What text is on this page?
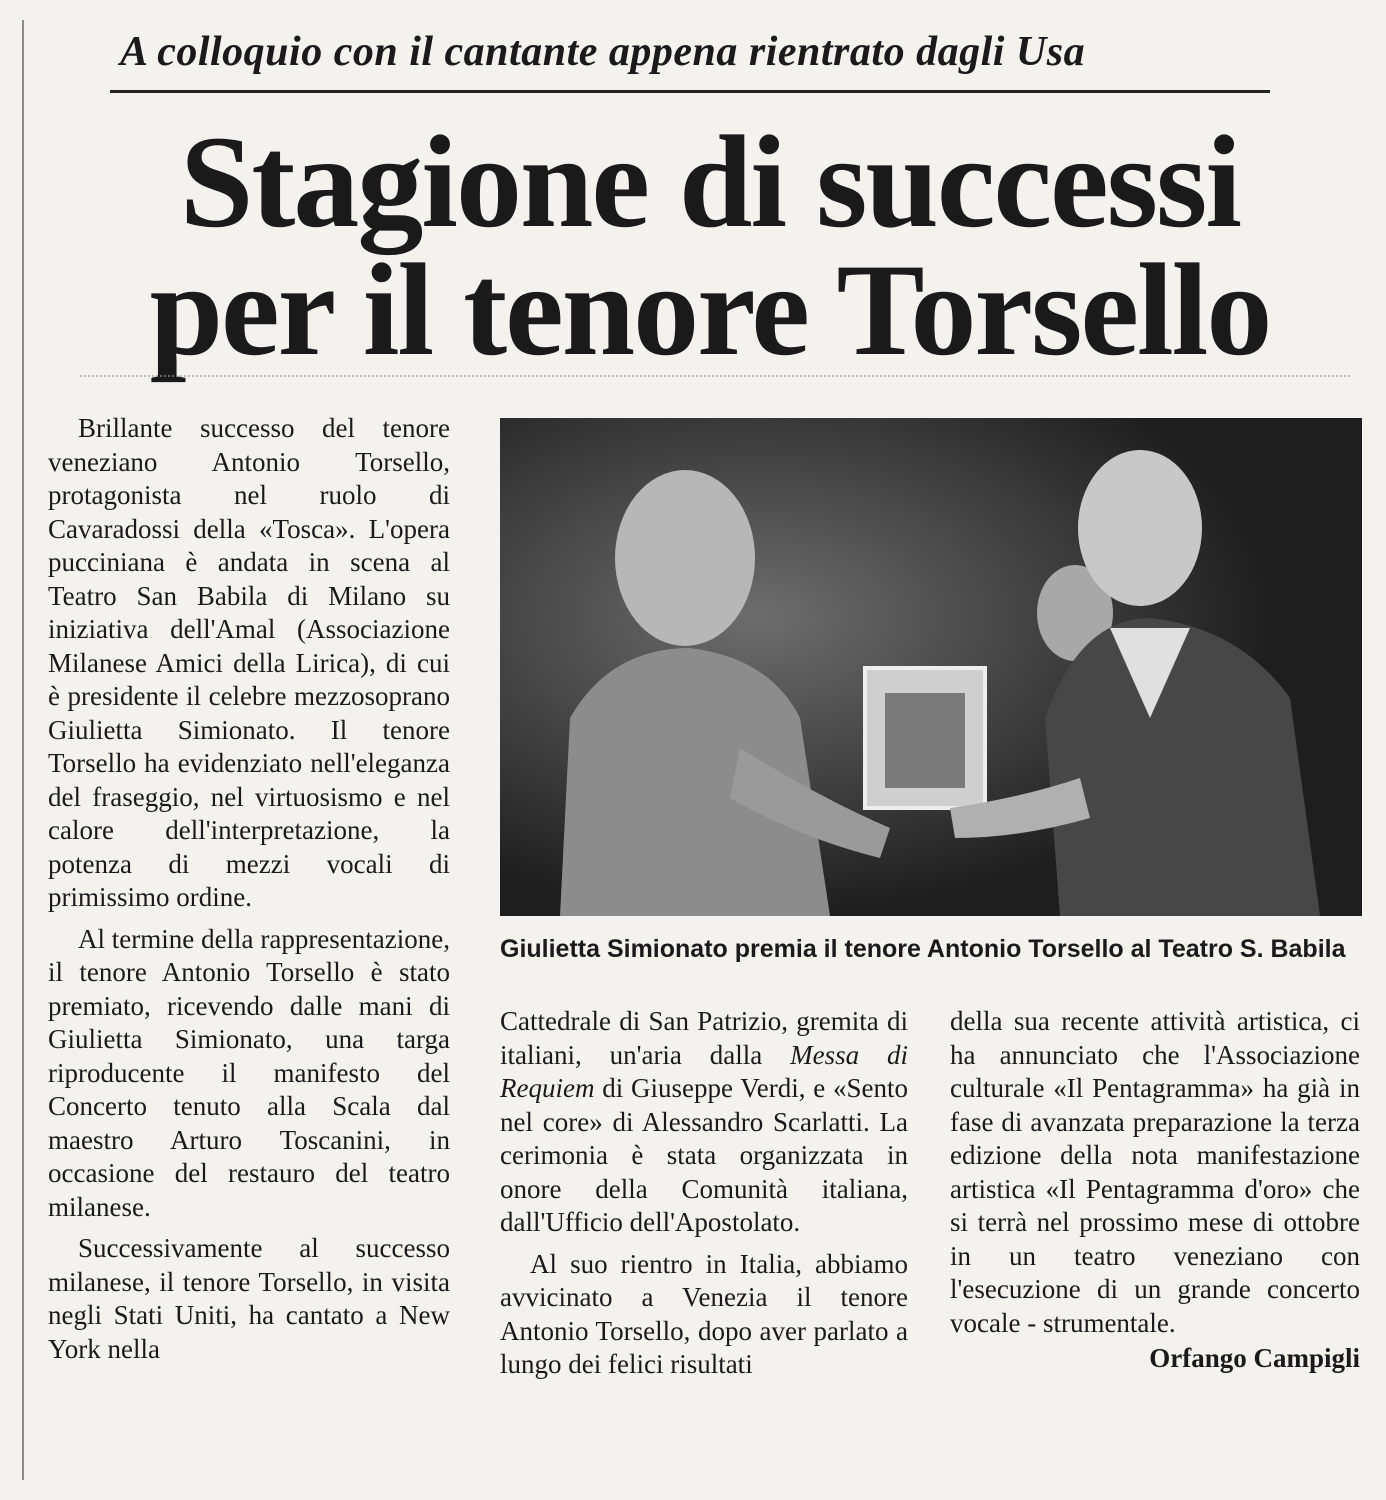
A colloquio con il cantante appena rientrato dagli Usa
Stagione di successi
per il tenore Torsello

Brillante successo del tenore veneziano Antonio Torsello, protagonista nel ruolo di Cavaradossi della «Tosca». L'opera pucciniana è andata in scena al Teatro San Babila di Milano su iniziativa dell'Amal (Associazione Milanese Amici della Lirica), di cui è presidente il celebre mezzosoprano Giulietta Simionato. Il tenore Torsello ha evidenziato nell'eleganza del fraseggio, nel virtuosismo e nel calore dell'interpretazione, la potenza di mezzi vocali di primissimo ordine.

Al termine della rappresentazione, il tenore Antonio Torsello è stato premiato, ricevendo dalle mani di Giulietta Simionato, una targa riproducente il manifesto del Concerto tenuto alla Scala dal maestro Arturo Toscanini, in occasione del restauro del teatro milanese.

Successivamente al successo milanese, il tenore Torsello, in visita negli Stati Uniti, ha cantato a New York nella

Giulietta Simionato premia il tenore Antonio Torsello al Teatro S. Babila

Cattedrale di San Patrizio, gremita di italiani, un'aria dalla Messa di Requiem di Giuseppe Verdi, e «Sento nel core» di Alessandro Scarlatti. La cerimonia è stata organizzata in onore della Comunità italiana, dall'Ufficio dell'Apostolato.

Al suo rientro in Italia, abbiamo avvicinato a Venezia il tenore Antonio Torsello, dopo aver parlato a lungo dei felici risultati

della sua recente attività artistica, ci ha annunciato che l'Associazione culturale «Il Pentagramma» ha già in fase di avanzata preparazione la terza edizione della nota manifestazione artistica «Il Pentagramma d'oro» che si terrà nel prossimo mese di ottobre in un teatro veneziano con l'esecuzione di un grande concerto vocale - strumentale.

Orfango Campigli
